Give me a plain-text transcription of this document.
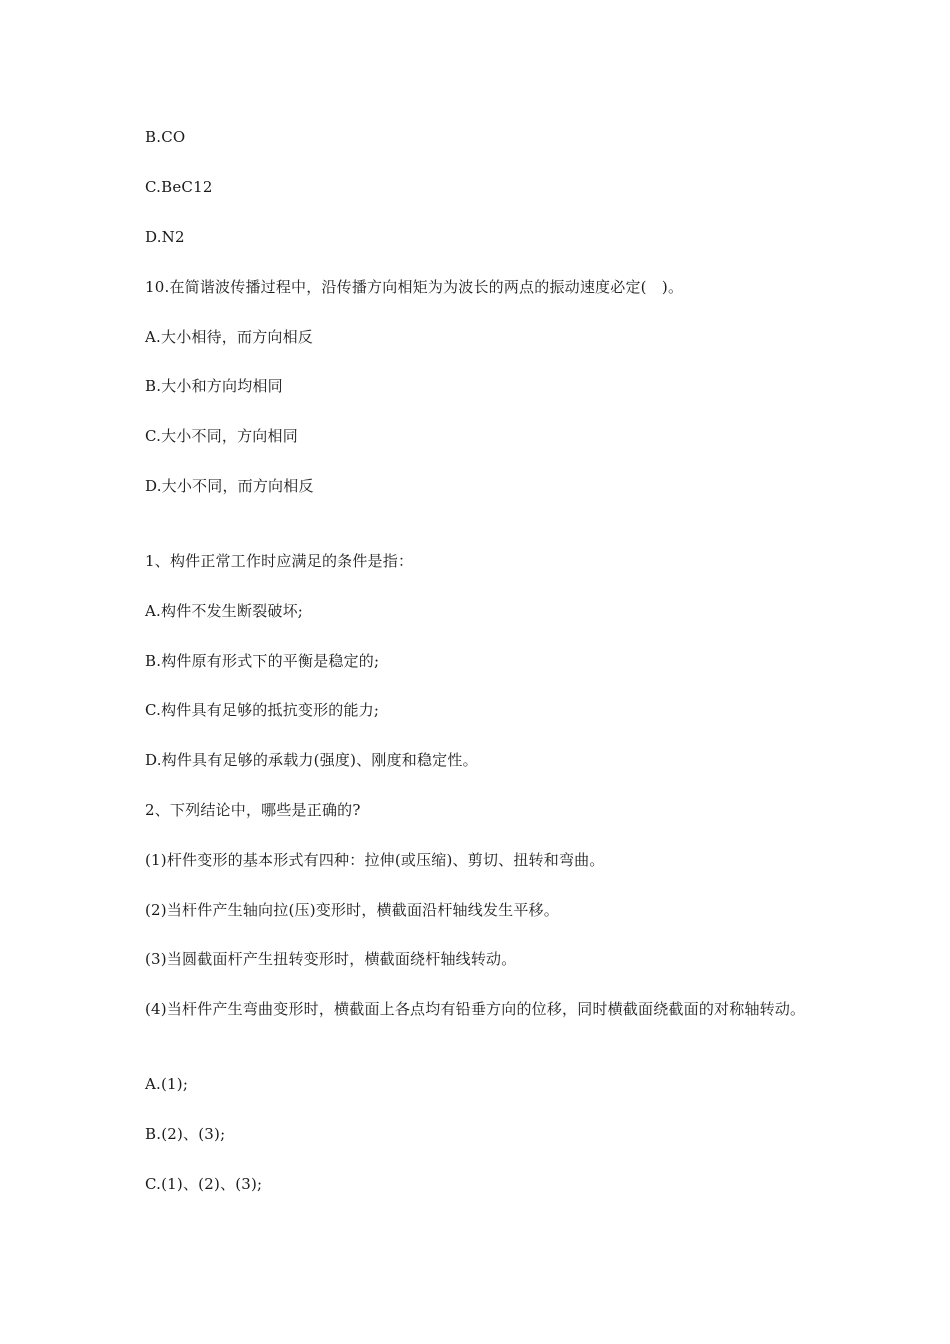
B.CO
C.BeC12
D.N2
10.在简谐波传播过程中，沿传播方向相矩为为波长的两点的振动速度必定(　)。
A.大小相待，而方向相反
B.大小和方向均相同
C.大小不同，方向相同
D.大小不同，而方向相反
1、构件正常工作时应满足的条件是指：
A.构件不发生断裂破坏;
B.构件原有形式下的平衡是稳定的;
C.构件具有足够的抵抗变形的能力;
D.构件具有足够的承载力(强度)、刚度和稳定性。
2、下列结论中，哪些是正确的?
(1)杆件变形的基本形式有四种：拉伸(或压缩)、剪切、扭转和弯曲。
(2)当杆件产生轴向拉(压)变形时，横截面沿杆轴线发生平移。
(3)当圆截面杆产生扭转变形时，横截面绕杆轴线转动。
(4)当杆件产生弯曲变形时，横截面上各点均有铅垂方向的位移，同时横截面绕截面的对称轴转动。
A.(1);
B.(2)、(3);
C.(1)、(2)、(3);
